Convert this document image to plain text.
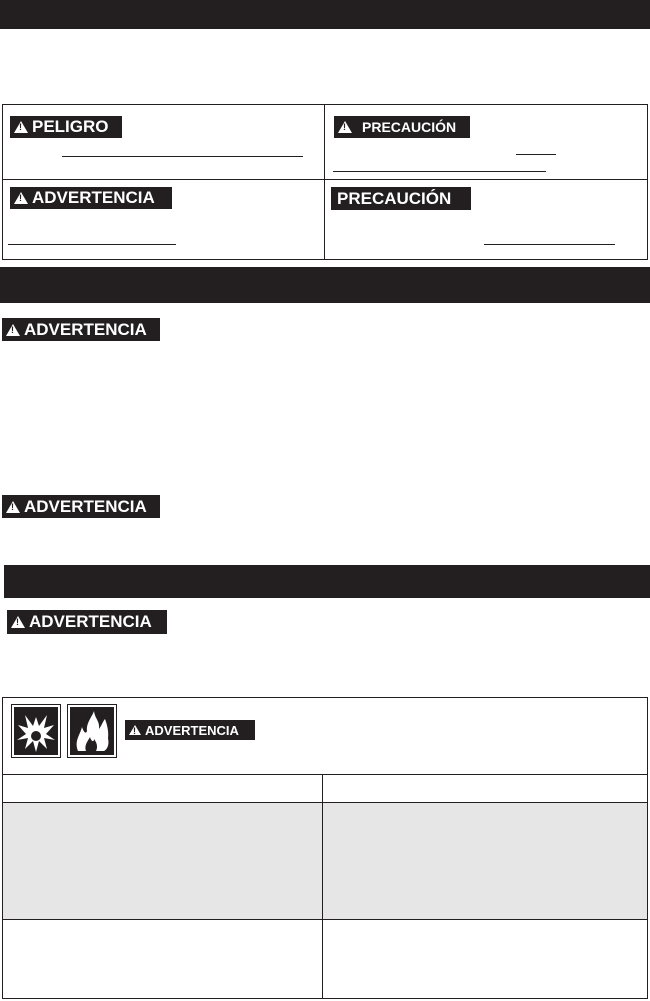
!
PELIGRO
!	PRECAUCIÓN
!
ADVERTENCIA	PRECAUCIÓN
!
ADVERTENCIA
!
ADVERTENCIA
!
ADVERTENCIA
!
ADVERTENCIA
